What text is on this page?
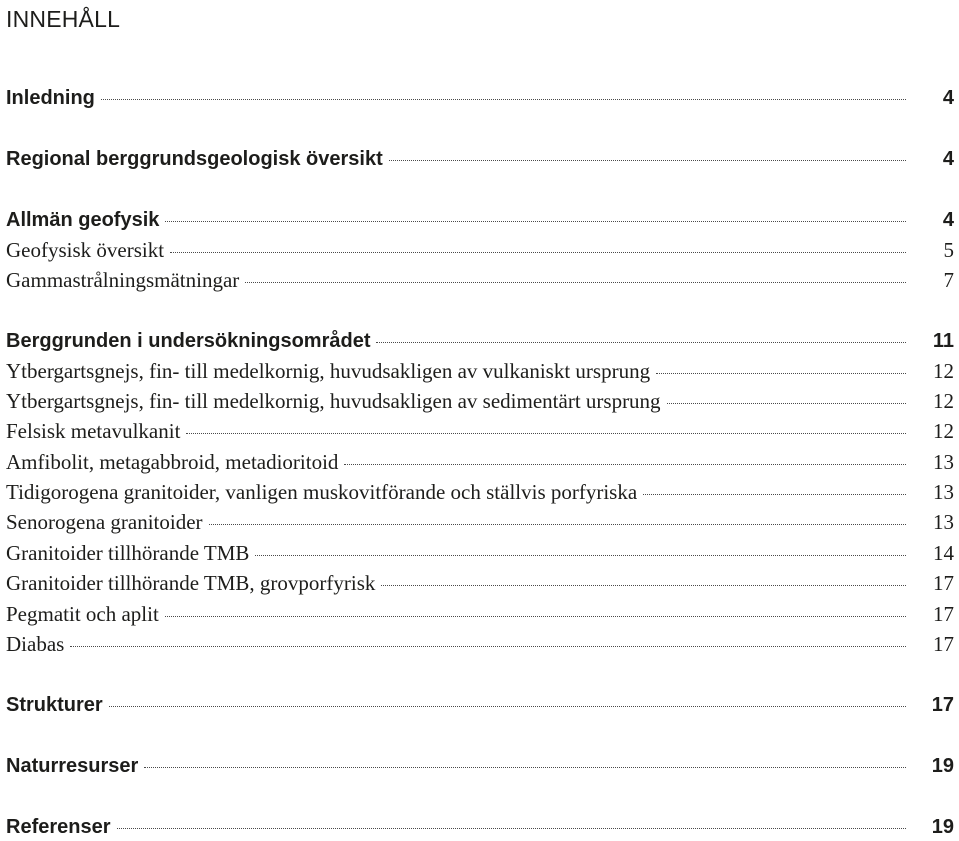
INNEHÅLL
Inledning	4
Regional berggrundsgeologisk översikt	4
Allmän geofysik	4
Geofysisk översikt	5
Gammastrålningsmätningar	7
Berggrunden i undersökningsområdet	11
Ytbergartsgnejs, fin- till medelkornig, huvudsakligen av vulkaniskt ursprung	12
Ytbergartsgnejs, fin- till medelkornig, huvudsakligen av sedimentärt ursprung	12
Felsisk metavulkanit	12
Amfibolit, metagabbroid, metadioritoid	13
Tidigorogena granitoider, vanligen muskovitförande och ställvis porfyriska	13
Senorogena granitoider	13
Granitoider tillhörande TMB	14
Granitoider tillhörande TMB, grovporfyrisk	17
Pegmatit och aplit	17
Diabas	17
Strukturer	17
Naturresurser	19
Referenser	19
